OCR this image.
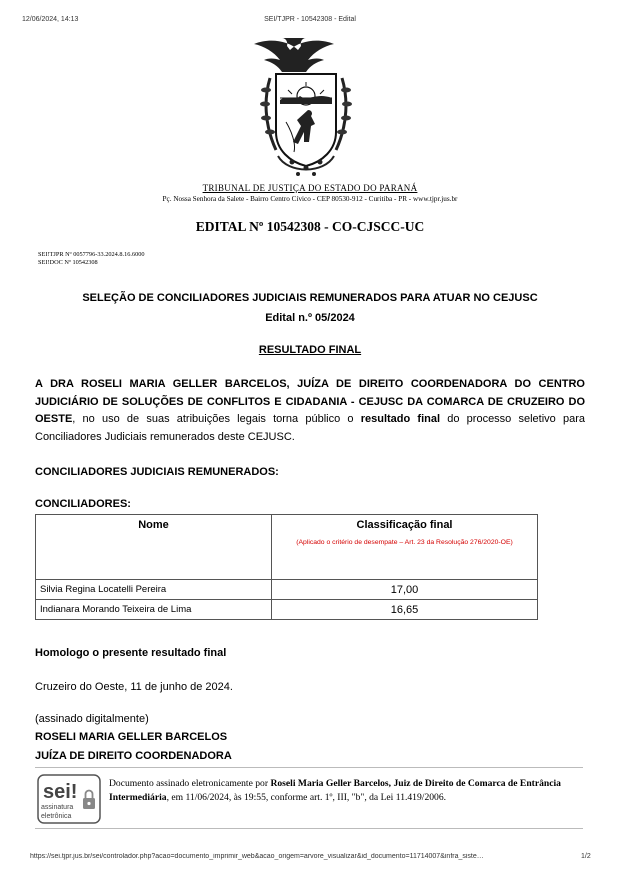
12/06/2024, 14:13	SEI/TJPR - 10542308 - Edital
TRIBUNAL DE JUSTIÇA DO ESTADO DO PARANÁ
Pç. Nossa Senhora da Salete - Bairro Centro Cívico - CEP 80530-912 - Curitiba - PR - www.tjpr.jus.br
EDITAL Nº 10542308 - CO-CJSCC-UC
SEI!TJPR Nº 0057796-33.2024.8.16.6000
SEI!DOC Nº 10542308
SELEÇÃO DE CONCILIADORES JUDICIAIS REMUNERADOS PARA ATUAR NO CEJUSC
Edital n.º 05/2024
RESULTADO FINAL
A DRA ROSELI MARIA GELLER BARCELOS, JUÍZA DE DIREITO COORDENADORA DO CENTRO JUDICIÁRIO DE SOLUÇÕES DE CONFLITOS E CIDADANIA - CEJUSC DA COMARCA DE CRUZEIRO DO OESTE, no uso de suas atribuições legais torna público o resultado final do processo seletivo para Conciliadores Judiciais remunerados deste CEJUSC.
CONCILIADORES JUDICIAIS REMUNERADOS:
CONCILIADORES:
Nome	Classificação final
(Aplicado o critério de desempate – Art. 23 da Resolução 276/2020-OE)

Silvia Regina Locatelli Pereira	17,00
Indianara Morando Teixeira de Lima	16,65
Homologo o presente resultado final
Cruzeiro do Oeste, 11 de junho de 2024.
(assinado digitalmente)
ROSELI MARIA GELLER BARCELOS
JUÍZA DE DIREITO COORDENADORA
sei!
assinatura
eletrônica
Documento assinado eletronicamente por Roseli Maria Geller Barcelos, Juiz de Direito de Comarca de Entrância Intermediária, em 11/06/2024, às 19:55, conforme art. 1º, III, "b", da Lei 11.419/2006.
https://sei.tjpr.jus.br/sei/controlador.php?acao=documento_imprimir_web&acao_origem=arvore_visualizar&id_documento=11714007&infra_siste…	1/2
